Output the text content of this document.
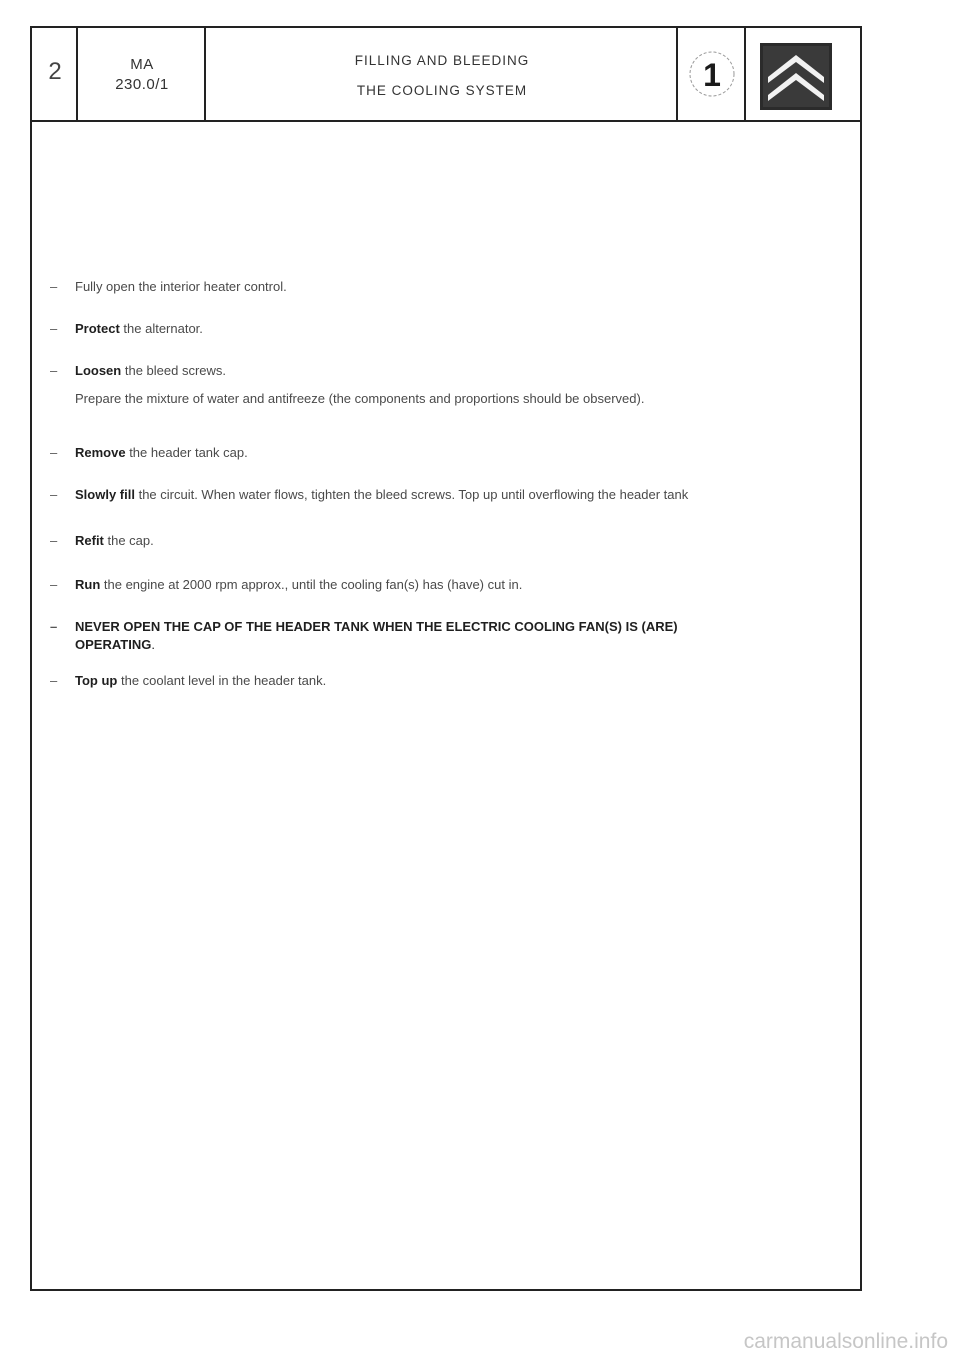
2	MA
230.0/1
FILLING AND BLEEDING
THE COOLING SYSTEM	1

– Fully open the interior heater control.

– Protect the alternator.

– Loosen the bleed screws.

Prepare the mixture of water and antifreeze (the components and proportions should be observed).

– Remove the header tank cap.

– Slowly fill the circuit. When water flows, tighten the bleed screws. Top up until overflowing the header tank

– Refit the cap.

– Run the engine at 2000 rpm approx., until the cooling fan(s) has (have) cut in.

– NEVER OPEN THE CAP OF THE HEADER TANK WHEN THE ELECTRIC COOLING FAN(S) IS (ARE)
OPERATING.

– Top up the coolant level in the header tank.

carmanualsonline.info
